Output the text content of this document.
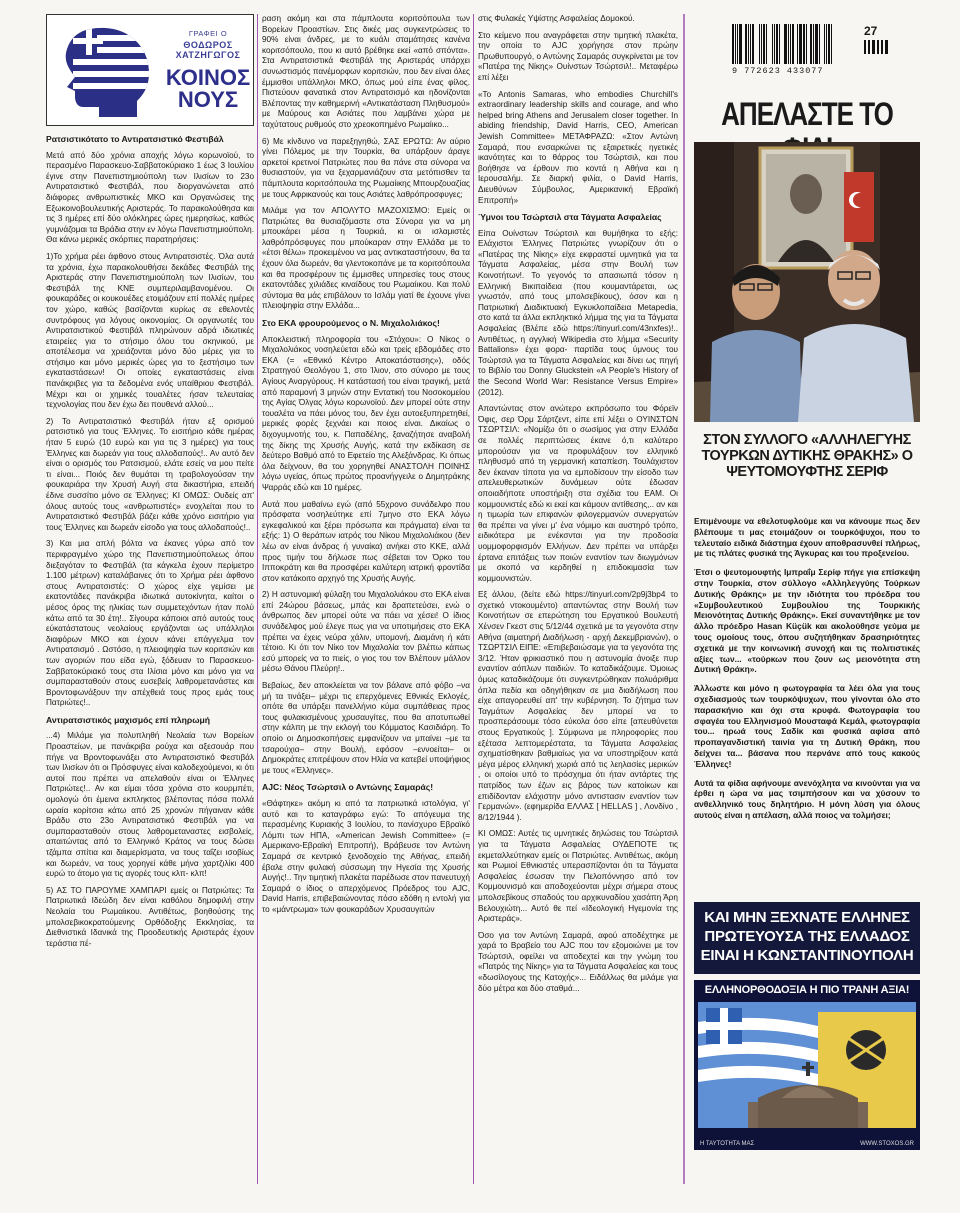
ΓΡΑΦΕΙ Ο
ΘΟΔΩΡΟΣ ΧΑΤΖΗΓΩΓΟΣ
ΚΟΙΝΟΣ
ΝΟΥΣ
Ρατσιστικότατο το Αντιρατσιστικό Φεστιβάλ

Μετά από δύο χρόνια αποχής λόγω κορωνοϊού, το περασμένο Παρασκευο-Σαββατοκύριακο 1 έως 3 Ιουλίου έγινε στην Πανεπιστημιούπολη των Ιλισίων το 23ο Αντιρατσιστικό Φεστιβάλ, που διοργανώνεται από διάφορες ανθρωπιστικές ΜΚΟ και Οργανώσεις της Εξωκοινοβουλευτικής Αριστεράς. Το παρακολούθησα και τις 3 ημέρες επί δύο ολόκληρες ώρες ημερησίως, καθώς γυμνάζομαι τα Βράδια στην εν λόγω Πανεπιστημιούπολη. Θα κάνω μερικές σκόρπιες παρατηρήσεις:

1)Το χρήμα ρέει άφθονο στους Αντιρατσιστές. Όλα αυτά τα χρόνια, έχω παρακολουθήσει δεκάδες Φεστιβάλ της Αριστεράς στην Πανεπιστημιούπολη των Ιλισίων, του Φεστιβάλ της ΚΝΕ συμπεριλαμβανομένου. Οι φουκαράδες οι κουκουέδες ετοιμάζουν επί πολλές ημέρες τον χώρο, καθώς βασίζονται κυρίως σε εθελοντές συντρόφους για λόγους οικονομίας. Οι οργανωτές του Αντιρατσιστικού Φεστιβάλ πληρώνουν αδρά ιδιωτικές εταιρείες για το στήσιμο όλου του σκηνικού, με αποτέλεσμα να χρειάζονται μόνο δύο μέρες για το στήσιμο και μόνο μερικές ώρες για το ξεστήσιμο των εγκαταστάσεων! Οι οποίες εγκαταστάσεις είναι πανάκριβες για τα δεδομένα ενός υπαίθριου Φεστιβάλ. Μέχρι και οι χημικές τουαλέτες ήσαν τελευταίας τεχνολογίας που δεν έχω δει πουθενά αλλού...

2) Το Αντιρατσιστικό Φεστιβάλ ήταν εξ ορισμού ρατσιστικό για τους Έλληνες. Το εισιτήριο κάθε ημέρας ήταν 5 ευρώ (10 ευρώ και για τις 3 ημέρες) για τους Έλληνες και δωρεάν για τους αλλοδαπούς!.. Αν αυτό δεν είναι ο ορισμός του Ρατσισμού, ελάτε εσείς να μου πείτε τι είναι... Ποιός δεν θυμάται τη τραβολογούσαν την φουκαριάρα την Χρυσή Αυγή στα δικαστήρια, επειδή έδινε συσσίτιο μόνο σε Έλληνες; ΚΙ ΟΜΩΣ: Ουδείς απ' όλους αυτούς τους «ανθρωπιστές» ενοχλείται που το Αντιρατσιστικό Φεστιβάλ βάζει κάθε χρόνο εισιτήριο για τους Έλληνες και δωρεάν είσοδο για τους αλλοδαπούς!..

3) Και μια απλή βόλτα να έκανες γύρω από τον περιφραγμένο χώρο της Πανεπιστημιούπολεως όπου διεξαγόταν το Φεστιβάλ (τα κάγκελα έχουν περίμετρο 1.100 μέτρων) καταλάβαινες ότι το Χρήμα ρέει άφθονο στους Αντιρατσιστές: Ο χώρος είχε γεμίσει με εκατοντάδες πανάκριβα ιδιωτικά αυτοκίνητα, καίτοι ο μέσος όρος της ηλικίας των συμμετεχόντων ήταν πολύ κάτω από τα 30 έτη!.. Σίγουρα κάποιοι από αυτούς τους εύκατάστατους νεολαίους εργάζονται ως υπάλληλοι διαφόρων ΜΚΟ και έχουν κάνει επάγγελμα τον Αντιρατσισμό . Ωστόσο, η πλειοψηφία των κοριτσιών και των αγοριών που είδα εγώ, ξόδευαν το Παρασκευο-Σαββατοκύριακό τους στα Ιλίσια μόνο και μόνο για να συμπαρασταθούν στους ευσεβείς λαθρομετανάστες και Βροντοφωνάξουν την απέχθειά τους προς εμάς τους Πατριώτες!..

Αντιρατσιστικός μαχισμός επί πληρωμή

...4) Μιλάμε για πολυπληθή Νεολαία των Βορείων Προαστείων, με πανάκριβα ρούχα και αξεσουάρ που πήγε να Βροντοφωνάξει στο Αντιρατσιστικό Φεστιβάλ των Ιλισίων ότι οι Πρόσφυγες είναι καλοδεχούμενοι, κι ότι αυτοί που πρέπει να απελαθούν είναι οι Έλληνες Πατριώτες!.. Αν και είμαι τόσα χρόνια στο κουρμπέτι, ομολογώ ότι έμεινα εκπληκτος βλέποντας πόσα πολλά ωραία κορίτσια κάτω από 25 χρονών πήγαιναν κάθε Βράδυ στο 23ο Αντιρατσιστικό Φεστιβάλ για να συμπαρασταθούν στους λαθρομεταναστες εισβολείς, απαιτώντας από το Ελληνικό Κράτος να τους δώσει τζάμπα σπίτια και διαμερίσματα, να τους ταΐζει ισοβίως και δωρεάν, να τους χορηγεί κάθε μήνα χαρτζιλίκι 400 ευρώ το άτομο για τις αγορές τους κλπ- κλπ!

5) ΑΣ ΤΟ ΠΑΡΟΥΜΕ ΧΑΜΠΑΡΙ εμείς οι Πατριώτες: Τα Πατριωτικά Ιδεώδη δεν είναι καθόλου δημοφιλή στην Νεολαία του Ρωμαίικου. Αντιθέτως, βοηθούσης της μπολσεβικοκρατούμενης Ορθόδοξης Εκκλησίας, τα Διεθνιστικά Ιδανικά της Προοδευτικής Αριστεράς έχουν τεράστια πέ-

ραση ακόμη και στα πάμπλουτα κοριτσόπουλα των Βορείων Προαστίων. Στις δικές μας συγκεντρώσεις το 90% είναι άνδρες, με το κυάλι σταμάτησες κανένα κοριτσόπουλο, που κι αυτό βρέθηκε εκεί «από σπόντα». Στα Αντιρατσιστικά Φεστιβάλ της Αριστεράς υπάρχει συνωστισμός πανέμορφων κοριτσιών, που δεν είναι όλες έμμισθοι υπάλληλοι ΜΚΟ, όπως μού είπε ένας φίλος. Πιστεύουν φανατικά στον Αντιρατσισμό και ηδονίζονται Βλέποντας την καθημερινή «Αντικατάσταση Πληθυσμού» με Μαύρους και Ασιάτες που λαμβάνει χώρα με ταχύτατους ρυθμούς στο χρεοκοπημένο Ρωμαίικο...

6) Με κίνδυνο να παρεξηγηθώ, ΣΑΣ ΕΡΩΤΩ: Αν αύριο γίνει Πόλεμος με την Τουρκία, θα υπάρξουν άραγε αρκετοί κρετινοί Πατριώτες που θα πάνε στα σύνορα να θυσιαστούν, για να ξεχαρμανιάζουν στα μετόπισθεν τα πάμπλουτα κοριτσόπουλα της Ρωμαίικης Μπουρζουαζίας με τους Αφρικανούς και τους Ασιάτες λαθρόπροσφυγες;

Μιλάμε για τον ΑΠΟΛΥΤΟ ΜΑΖΟΧΙΣΜΟ: Εμείς οι Πατριώτες θα θυσιαζόμαστε στα Σύνορα για να μη μπουκάρει μέσα η Τουρκιά, κι οι ισλαμιστές λαθρόπρόσφυγες που μπούκαραν στην Ελλάδα με το «έτσι θέλω» προκειμένου να μας αντικαταστήσουν, θα τα έχουν όλα δωρεάν, θα γλεντοκοπάνε με τα κοριτσόπουλα και θα προσφέρουν τις έμμισθες υπηρεσίες τους στους εκατοντάδες χιλιάδες κιναίδους του Ρωμαίικου. Και πολύ σύντομα θα μάς επιβάλουν το Ισλάμ γιατί θε έχουνε γίνει πλειοψηφία στην Ελλάδα...

Στο ΕΚΑ φρουρούμενος ο Ν. Μιχαλολιάκος!

Αποκλειστική πληροφορία του «Στόχου»: Ο Νίκος ο Μιχαλολιάκος νοσηλεύεται εδώ και τρείς εβδομάδες στο ΕΚΑ (= «Εθνικό Κέντρο Αποκατάστασης»), οδός Στρατηγού Θεολόγου 1, στο Ίλιον, στο σύνορο με τους Αγίους Αναργύρους. Η κατάστασή του είναι τραγική, μετά από παραμονή 3 μηνών στην Εντατική του Νοσοκομείου της Αγίας Όλγας λόγω κορωνοϊού. Δεν μπορεί ούτε στην τουαλέτα να πάει μόνος του, δεν έχει αυτοεξυπηρετηθεί, μερικές φορές ξεχνάει και ποιος είναι. Δικαίως ο διχογυμνοτής του, κ. Παπαδέλης, ξαναζήτησε αναβολή της δίκης της Χρυσής Αυγής, κατά την εκδίκαση σε δεύτερο Βαθμό από το Εφετείο της Αλεξάνδρας. Κι όπως όλα δείχνουν, θα του χορηγηθεί ΑΝΑΣΤΟΛΗ ΠΟΙΝΗΣ λόγω υγείας, όπως πρώτος προανήγγειλε ο Δημητράκης Ψαρράς εδώ και 10 ημέρες.

Αυτά που μαθαίνω εγώ (από 55χρονο συνάδελφο που πρόσφατα νοσηλεύτηκε επί 7μηνο στο ΕΚΑ λόγω εγκεφαλικού και ξέρει πρόσωπα και πράγματα) είναι τα εξής: 1) Ο θεράπων ιατρός του Νίκου Μιχαλολιάκου (δεν λέω αν είναι άνδρας ή γυναίκα) ανήκει στο ΚΚΕ, αλλά προς τιμήν του δήλωσε πως σέβεται τον Όρκο του Ιπποκράτη και θα προσφέρει καλύτερη ιατρική φροντίδα στον κατάκοιτο αρχηγό της Χρυσής Αυγής.

2) Η αστυνομική φύλαξη του Μιχαλολιάκου στο ΕΚΑ είναι επί 24ώρου βάσεως, μπάς και δραπετεύσει, ενώ ο άνθρωπος δεν μπορεί ούτε να πάει να χέσει! Ο ίδιος συνάδελφος μού έλεγε πως για να υποτιμήσεις στο ΕΚΑ πρέπει να έχεις νεύρα χάλιν, υπομονή, Διαμάνη ή κάτι τέτοιο. Κι ότι τον Νίκο τον Μιχαλολία τον βλέπω κάπως εσύ μπορείς να το πιείς, ο γιος του τον Βλέπουν μάλλον μέσω Θάνου Πλεύρη!..

Βεβαίως, δεν αποκλείεται να τον βάλανε από φόβο –να μή τα τινάξει– μέχρι τις επερχόμενες Εθνικές Εκλογές, οπότε θα υπάρξει πανελλήνιο κύμα συμπάθειας προς τους φυλακισμένους χρυσαυγίτες, που θα αποτυπωθεί στην κάλπη με την εκλογή του Κόμματος Κασιδιάρη. Το οποίο οι Δημοσκοπήσεις εμφανίζουν να μπαίνει –με τα τσαρούχια– στην Βουλή, εφόσον –εννοείται– οι Δημοκράτες επιτρέψουν στον Ηλία να κατεβεί υποψήφιος με τους «Έλληνες».

AJC: Νέος Τσώρτσιλ ο Αντώνης Σαμαράς!

«Θάφτηκε» ακόμη κι από τα πατριωτικά ιστολόγια, γι' αυτό και το καταγράφω εγώ: Το απόγευμα της περασμένης Κυριακής 3 Ιουλίου, το πανίσχυρο Εβραϊκό Λόμπι των ΗΠΑ, «American Jewish Committee» (= Αμερικανο-Εβραϊκή Επιτροπή), Βράβευσε τον Αντώνη Σαμαρά σε κεντρικό ξενοδοχείο της Αθήνας, επειδή έβαλε στην φυλακή σύσσωμη την Ηγεσία της Χρυσής Αυγής!.. Την τιμητική πλακέτα παρέδωσε στον πανευτυχή Σαμαρά ο ίδιος ο απερχόμενος Πρόεδρος του AJC, David Harris, επιβεβαιώνοντας πόσο εδόθη η εντολή για το «μάντρωμα» των φουκαράδων Χρυσαυγιτών

στις Φυλακές Υψίστης Ασφαλείας Δομοκού.

Στο κείμενο που αναγράφεται στην τιμητική πλακέτα, την οποία το AJC χορήγησε στον πρώην Πρωθυπουργό, ο Αντώνης Σαμαράς συγκρίνεται με τον «Πατέρα της Νίκης» Ουίνστων Τσώρτσιλ!.. Μεταφέρω επί λέξει

«To Antonis Samaras, who embodies Churchill's extraordinary leadership skills and courage, and who helped bring Athens and Jerusalem closer together. In abiding friendship, David Harris, CEO, American Jewish Committee» ΜΕΤΑΦΡΑΖΩ: «Στον Αντώνη Σαμαρά, που ενσαρκώνει τις εξαιρετικές ηγετικές ικανότητες και το θάρρος του Τσώρτσιλ, και που βοήθησε να έρθουν πιο κοντά η Αθήνα και η Ιερουσαλήμ. Σε διαρκή φιλία, ο David Harris, Διευθύνων Σύμβουλος, Αμερικανική Εβραϊκή Επιτροπή»

Ύμνοι του Τσώρτσιλ στα Τάγματα Ασφαλείας

Είπα Ουίνστων Τσώρτσιλ και θυμήθηκα το εξής: Ελάχιστοι Έλληνες Πατριώτες γνωρίζουν ότι ο «Πατέρας της Νίκης» είχε εκφραστεί υμνητικά για τα Τάγματα Ασφαλείας, μέσα στην Βουλή των Κοινοτήτων!. Το γεγονός το απασιωπά τόσον η Ελληνική Βικιπαίδεια (που κουμαντάρεται, ως γνωστόν, από τους μπολσεβίκους), όσον και η Πατριωτική Διαδικτυακή Εγκυκλοπαίδεια Metapedia, στο κατά τα άλλα εκπληκτικό λήμμα της για τα Τάγματα Ασφαλείας (Βλέπε εδώ https://tinyurl.com/43nxfes)!.. Αντιθέτως, η αγγλική Wikipedia στο λήμμα «Security Battalions» έχει φορα- παρτίδα τους ύμνους του Τσώρτσιλ για τα Τάγματα Ασφαλείας και δίνει ως πηγή το Βιβλίο του Donny Gluckstein «A People's History of the Second World War: Resistance Versus Empire» (2012).

Απαντώντας στον ανώτερο εκπρόσωπο του Φόρεϊν Όφις, σερ Όρμ Σάρτζεντ, είπε επί λέξει ο ΟΥΙΝΣΤΩΝ ΤΣΩΡΤΣΙΛ: «Νομίζω ότι ο σωσίμος για στην Ελλάδα σε πολλές περιπτώσεις έκανε ό,τι καλύτερο μπορούσαν για να προφυλάξουν τον ελληνικό πληθυσμό από τη γερμανική καταπίεση. Τουλάχιστον δεν έκαναν τίποτα για να εμποδίσουν την είσοδο των απελευθερωτικών δυνάμεων ούτε έδωσαν οποιαδήποτε υποστήριξη στα σχέδια του ΕΑΜ. Οι κομμουνιστές εδώ κι εκεί και κάμουν αντίθεσης,.. αν και η τιμωρία των επιφανών φιλογερμανών συνεργατών θα πρέπει να γίνει μ' ένα νόμιμο και αυστηρό τρόπο, ειδικότερα με ενέκσνται για την προδοσία υομμοφορφισμόν Ελλήνων. Δεν πρέπει να υπάρξει έρτανα επιτάξεις των ποιών εναντίον των διωγμόνων με σκοπό να κερδηθεί η επιδοκιμασία των κομμουνιστών.

Εξ άλλου, (δείτε εδώ https://tinyurl.com/2p9j3bp4 το σχετικό ντοκουμέντο) απαντώντας στην Βουλή των Κοινοτήτων σε επερώτηση του Εργατικού Βουλευτή Χένσεν Γκεστ στις 5/12/44 σχετικά με τα γεγονότα στην Αθήνα (αιματηρή Διαδήλωση - αρχή Δεκεμβριανών), ο ΤΣΩΡΤΣΙΛ ΕΙΠΕ: «Επιβεβαιώσαμε για τα γεγονότα της 3/12. Ήταν φρικιαστικό που η αστυνομία άνοιξε πυρ εναντίον αόπλων παιδιών. Το καταδικάζουμε. Όμοιως όμως καταδικάζουμε ότι συγκεντρώθηκαν πολυάριθμα όπλα πεδία και οδηγήθηκαν σε μια διαδήλωση που είχε απαγορευθεί απ' την κυβέρνηση. Το ζήτημα των Ταγμάτων Ασφαλείας δεν μπορεί να το προσπεράσουμε τόσο εύκολα όσο είπε [απευθύνεται στους Εργατικούς ]. Σύμφωνα με πληροφορίες που εξέτασα λεπτομερέστατα, τα Τάγματα Ασφαλείας σχηματίσθηκαν βαθμιαίως για να υποστηρίξουν κατά μέγα μέρος ελληνική χωριά από τις λεηλασίες μερικών , οι οποίοι υπό το πρόσχημα ότι ήταν αντάρτες της πατρίδος των έζων εις βάρος των κατοίκων και επιδίδονταν ελάχιστην μόνο αντιστασιν εναντίον των Γερμανών». (εφημερίδα ΕΛΛΑΣ [ HELLAS ] , Λονδίνο , 8/12/1944 ).

ΚΙ ΟΜΩΣ: Αυτές τις υμνητικές δηλώσεις του Τσώρτσιλ για τα Τάγματα Ασφαλείας ΟΥΔΕΠΟΤΕ τις εκμεταλλεύτηκαν εμείς οι Πατριώτες. Αντιθέτως, ακόμη και Ρωμιοί Εθνικιστές υπερασπίζονται ότι τα Τάγματα Ασφαλείας έσωσαν την Πελοπόννησο από τον Κομμουνισμό και αποδοχεύονται μέχρι σήμερα στους μπολσεβίκους σπαδούς του αρχικυναδίου χασάπη Άρη Βελουχιώτη... Αυτό θε πεί «Ιδεολογική Ηγεμονία της Αριστεράς».

Όσο για τον Αντώνη Σαμαρά, αφού αποδέχτηκε με χαρά το Βραβείο του AJC που τον εξομοιώνει με τον Τσώρτσιλ, οφείλει να αποδεχτεί και την γνώμη του «Πατρός της Νίκης» για τα Τάγματα Ασφαλείας και τους «δωσίλογους της Κατοχής»... Ειδάλλως θα μιλάμε για δύο μέτρα και δύο σταθμά...

9 772623 433077
27
ΑΠΕΛΑΣΤΕ ΤΟ
ΣΤΟΝ ΣΥΛΛΟΓΟ «ΑΛΛΗΛΕΓΥΗΣ ΤΟΥΡΚΩΝ ΔΥΤΙΚΗΣ ΘΡΑΚΗΣ» Ο ΨΕΥΤΟΜΟΥΦΤΗΣ ΣΕΡΙΦ

Επιμένουμε να εθελοτυφλούμε και να κάνουμε πως δεν βλέπουμε τι μας ετοιμάζουν οι τουρκόψυχοι, που το τελευταίο ειδικά διάστημα έχουν αποθρασυνθεί πλήρως, με τις πλάτες φυσικά της Άγκυρας και του προξενείου.

Έτσι ο ψευτομουφτής Ιμπραΐμ Σερίφ πήγε για επίσκεψη στην Τουρκία, στον σύλλογο «Αλληλεγγύης Τούρκων Δυτικής Θράκης» με την ιδιότητα του πρόεδρα του «Συμβουλευτικού Συμβουλίου της Τουρκικής Μειονότητας Δυτικής Θράκης». Εκεί συναντήθηκε με τον άλλο πρόεδρο Hasan Küçük και ακολούθησε γεύμα με τους ομοίους τους, όπου συζητήθηκαν δρασηριότητες σχετικά με την κοινωνική συνοχή και τις πολιτιστικές αξίες των... «τούρκων που ζουν ως μειονότητα στη Δυτική Θράκη».

Άλλωστε και μόνο η φωτογραφία τα λέει όλα για τους σχεδιασμούς των τουρκόψυχων, που γίνονται όλο στο παρασκήνιο και όχι στα κρυφά. Φωτογραφία του σφαγέα του Ελληνισμού Μουσταφά Κεμάλ, φωτογραφία του... ηρωά τους Σαδίκ και φυσικά αφίσα από προπαγανδιστική ταινία για τη Δυτική Θράκη, που δείχνει τα... βάσανα που περνάνε από τους κακούς Έλληνες!

Αυτά τα φίδια αφήνουμε ανενόχλητα να κινούνται για να έρθει η ώρα να μας τσιμπήσουν και να χύσουν το ανθελληνικό τους δηλητήριο. Η μόνη λύση για όλους αυτούς είναι η απέλαση, αλλά ποιος να τολμήσει;

ΚΑΙ ΜΗΝ ΞΕΧΝΑΤΕ ΕΛΛΗΝΕΣ
ΠΡΩΤΕΥΟΥΣΑ ΤΗΣ ΕΛΛΑΔΟΣ
ΕΙΝΑΙ Η ΚΩΝΣΤΑΝΤΙΝΟΥΠΟΛΗ
ΕΛΛΗΝΟΡΘΟΔΟΞΙΑ Η ΠΙΟ ΤΡΑΝΗ ΑΞΙΑ!
Η ΤΑΥΤΟΤΗΤΑ ΜΑΣ	WWW.STOXOS.GR
